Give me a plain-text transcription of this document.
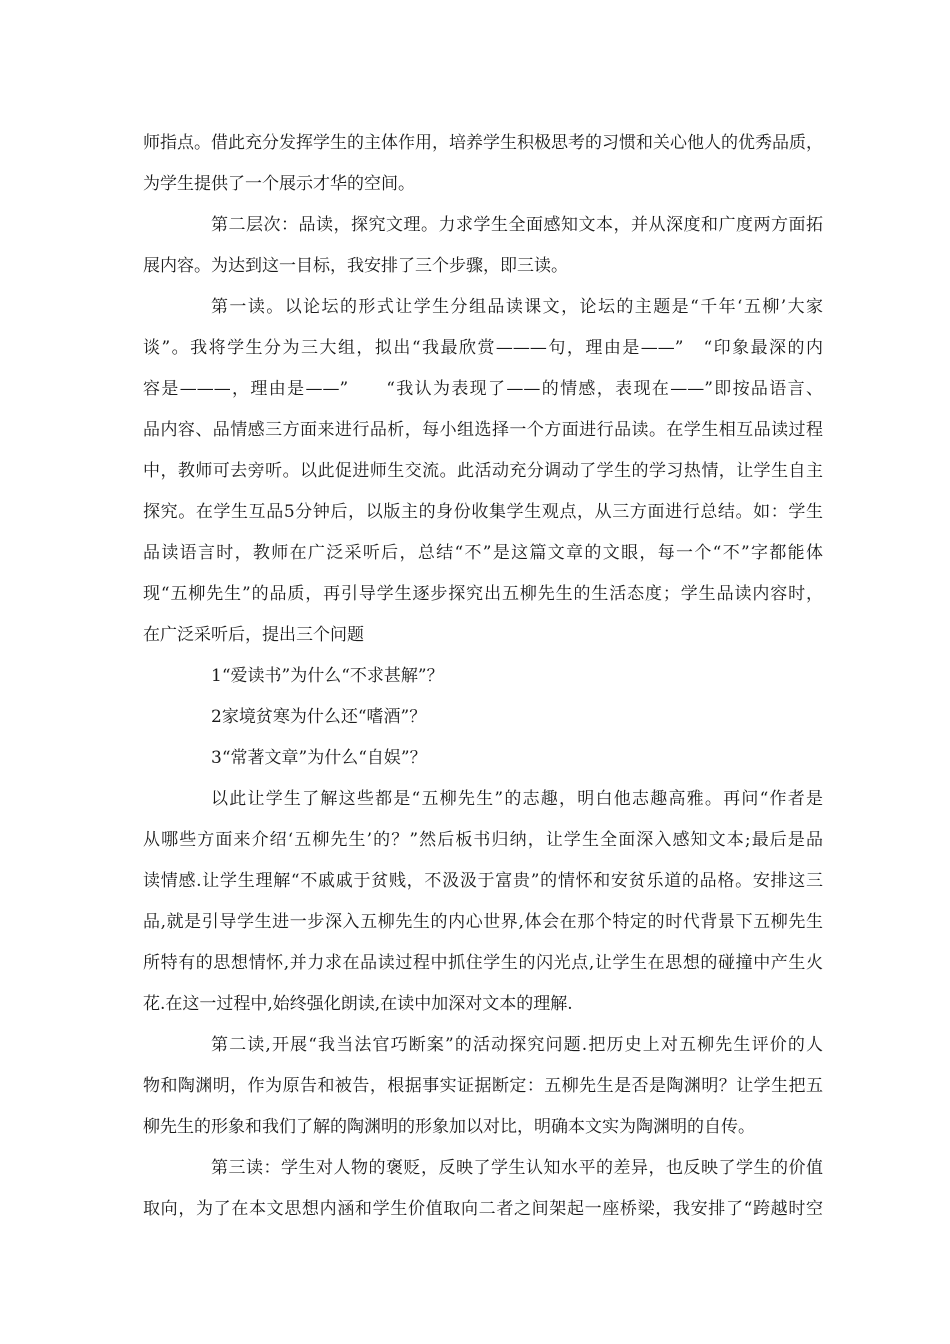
师指点。借此充分发挥学生的主体作用，培养学生积极思考的习惯和关心他人的优秀品质，
为学生提供了一个展示才华的空间。

第二层次：品读，探究文理。力求学生全面感知文本，并从深度和广度两方面拓
展内容。为达到这一目标，我安排了三个步骤，即三读。

第一读。以论坛的形式让学生分组品读课文，论坛的主题是“千年‘五柳’大家
谈”。我将学生分为三大组，拟出“我最欣赏———句，理由是——”　“印象最深的内
容是———，理由是——”　　“我认为表现了——的情感，表现在——”即按品语言、
品内容、品情感三方面来进行品析，每小组选择一个方面进行品读。在学生相互品读过程
中，教师可去旁听。以此促进师生交流。此活动充分调动了学生的学习热情，让学生自主
探究。在学生互品5分钟后，以版主的身份收集学生观点，从三方面进行总结。如：学生
品读语言时，教师在广泛采听后，总结“不”是这篇文章的文眼，每一个“不”字都能体
现“五柳先生”的品质，再引导学生逐步探究出五柳先生的生活态度；学生品读内容时，
在广泛采听后，提出三个问题

1“爱读书”为什么“不求甚解”？

2家境贫寒为什么还“嗜酒”？

3“常著文章”为什么“自娱”？

以此让学生了解这些都是“五柳先生”的志趣，明白他志趣高雅。再问“作者是
从哪些方面来介绍‘五柳先生’的？”然后板书归纳，让学生全面深入感知文本;最后是品
读情感.让学生理解“不戚戚于贫贱，不汲汲于富贵”的情怀和安贫乐道的品格。安排这三
品,就是引导学生进一步深入五柳先生的内心世界,体会在那个特定的时代背景下五柳先生
所特有的思想情怀,并力求在品读过程中抓住学生的闪光点,让学生在思想的碰撞中产生火
花.在这一过程中,始终强化朗读,在读中加深对文本的理解.

第二读,开展“我当法官巧断案”的活动探究问题.把历史上对五柳先生评价的人
物和陶渊明，作为原告和被告，根据事实证据断定：五柳先生是否是陶渊明？让学生把五
柳先生的形象和我们了解的陶渊明的形象加以对比，明确本文实为陶渊明的自传。

第三读：学生对人物的褒贬，反映了学生认知水平的差异，也反映了学生的价值
取向，为了在本文思想内涵和学生价值取向二者之间架起一座桥梁，我安排了“跨越时空
